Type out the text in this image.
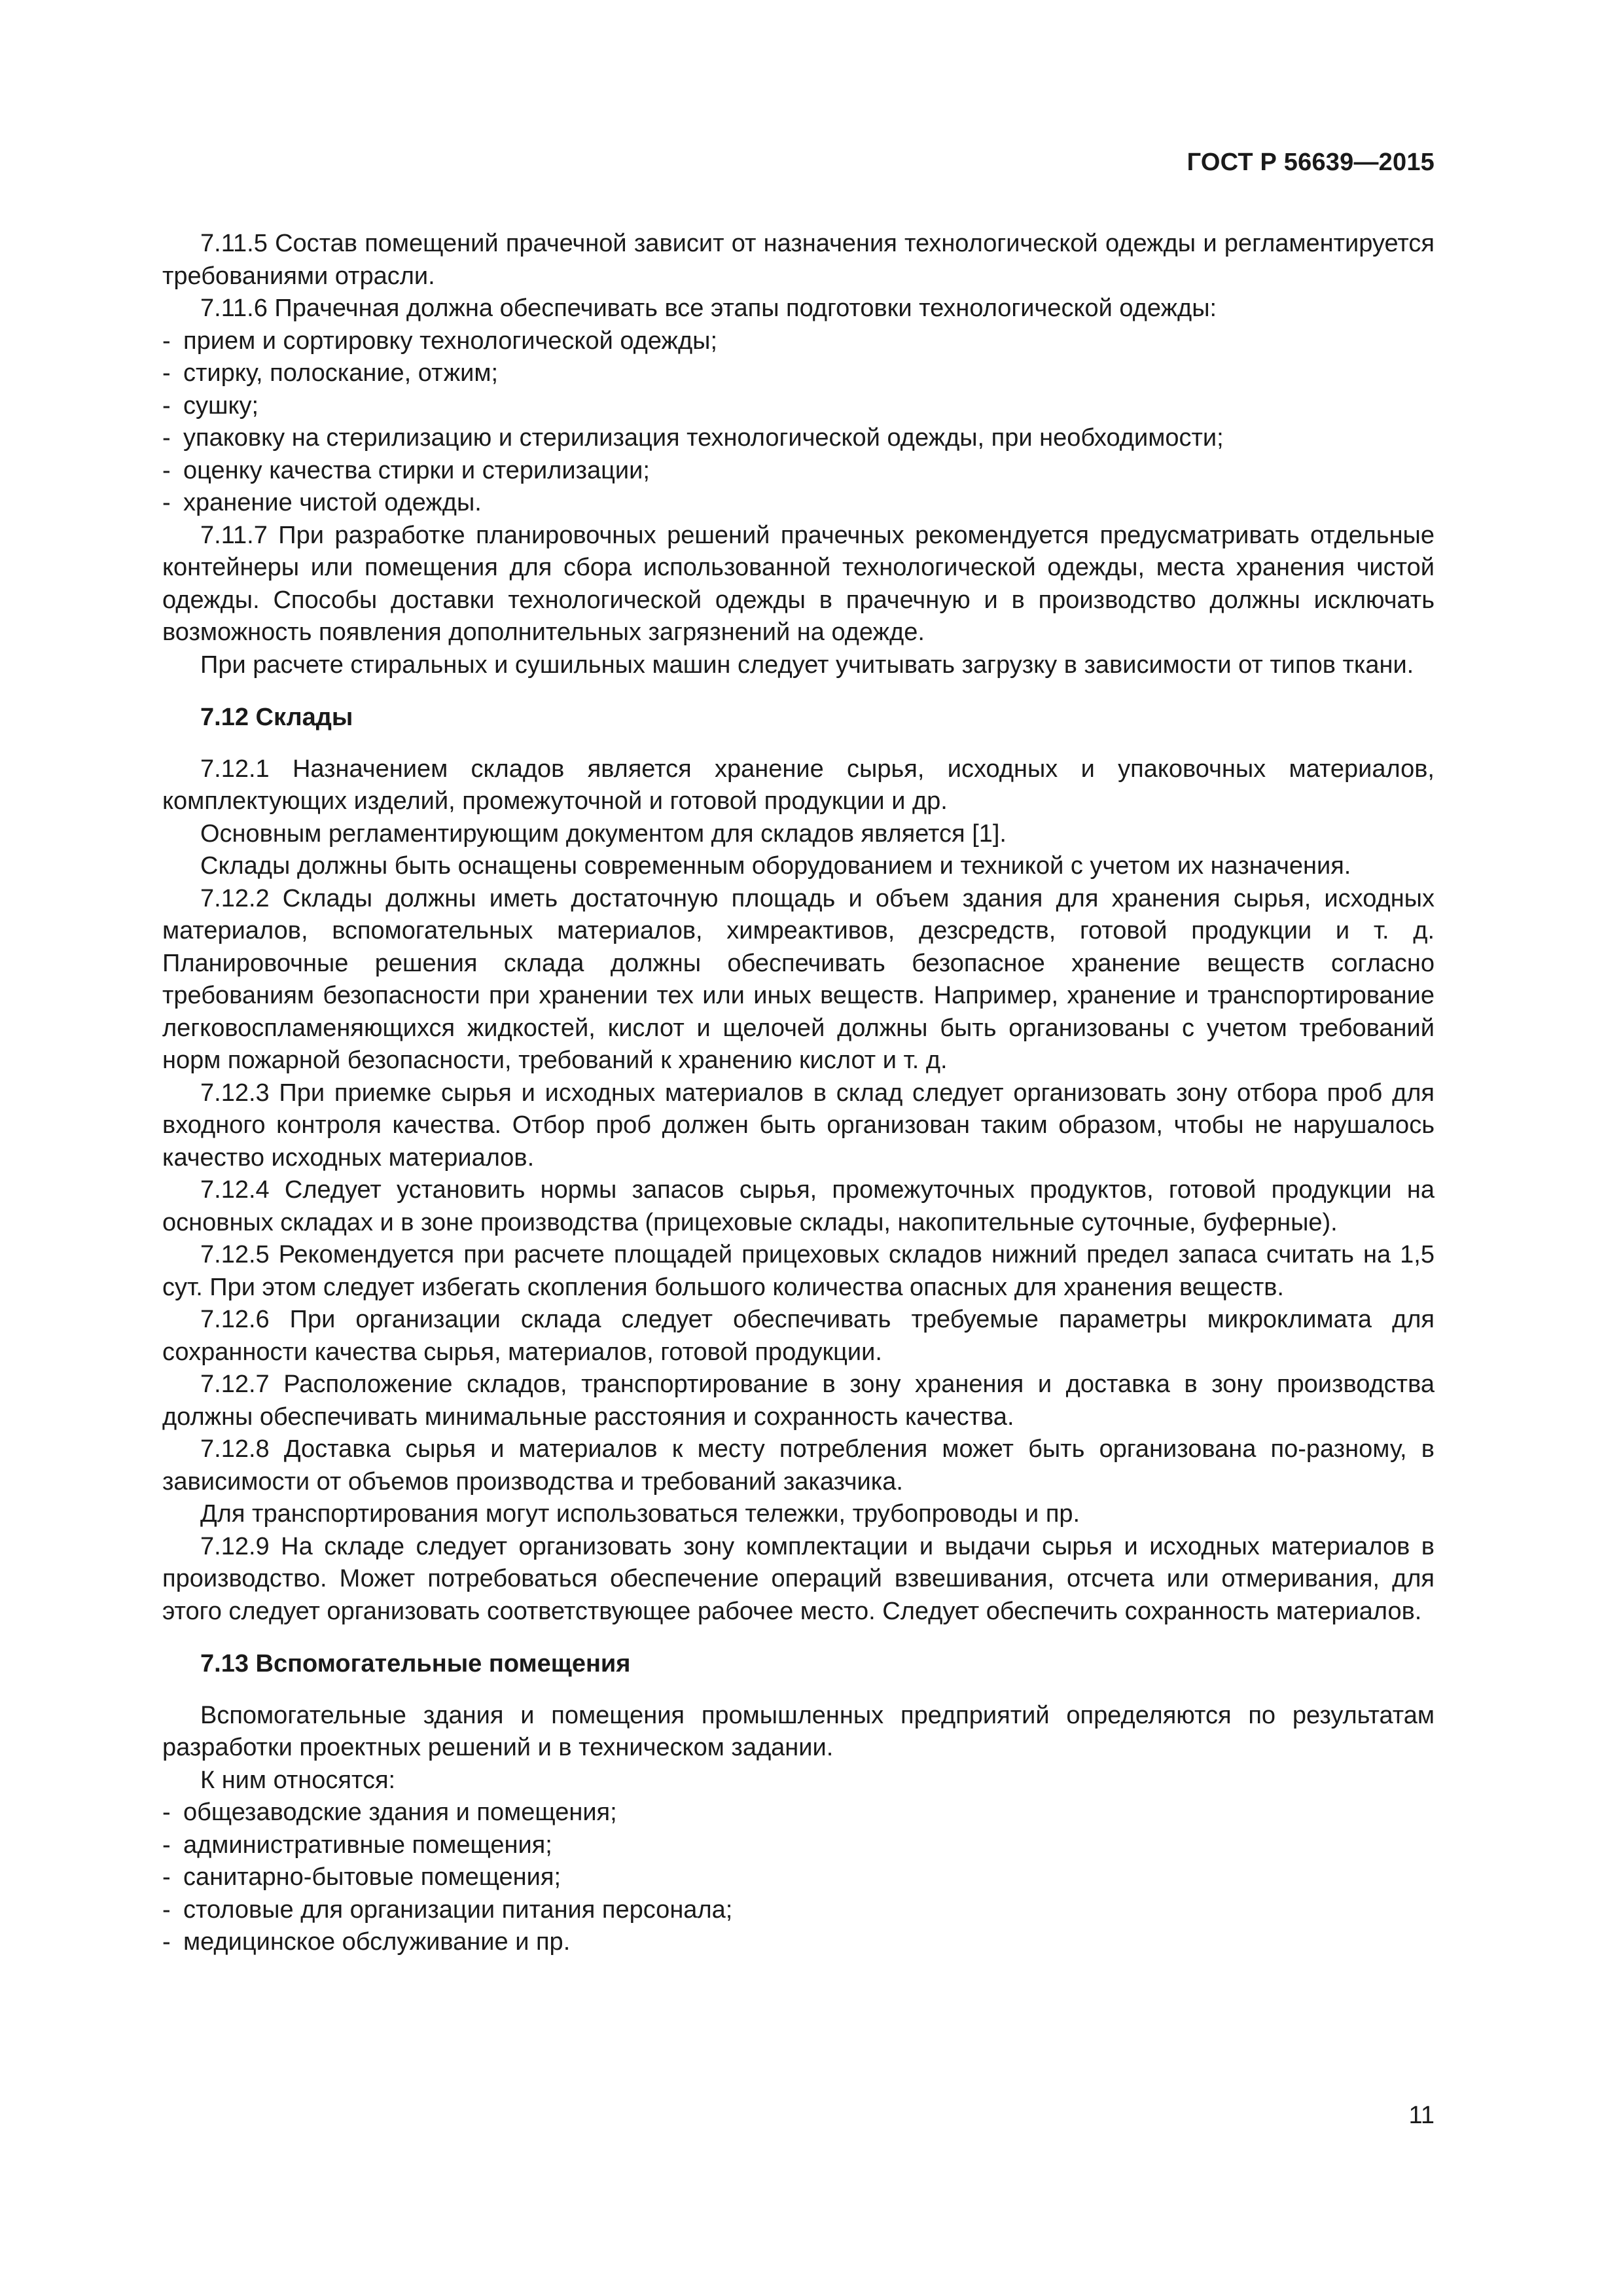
ГОСТ Р 56639—2015

7.11.5 Состав помещений прачечной зависит от назначения технологической одежды и регламентируется требованиями отрасли.

7.11.6 Прачечная должна обеспечивать все этапы подготовки технологической одежды:

- прием и сортировку технологической одежды;
- стирку, полоскание, отжим;
- сушку;
- упаковку на стерилизацию и стерилизация технологической одежды, при необходимости;
- оценку качества стирки и стерилизации;
- хранение чистой одежды.

7.11.7 При разработке планировочных решений прачечных рекомендуется предусматривать отдельные контейнеры или помещения для сбора использованной технологической одежды, места хранения чистой одежды. Способы доставки технологической одежды в прачечную и в производство должны исключать возможность появления дополнительных загрязнений на одежде.

При расчете стиральных и сушильных машин следует учитывать загрузку в зависимости от типов ткани.

7.12 Склады

7.12.1 Назначением складов является хранение сырья, исходных и упаковочных материалов, комплектующих изделий, промежуточной и готовой продукции и др.

Основным регламентирующим документом для складов является [1].

Склады должны быть оснащены современным оборудованием и техникой с учетом их назначения.

7.12.2 Склады должны иметь достаточную площадь и объем здания для хранения сырья, исходных материалов, вспомогательных материалов, химреактивов, дезсредств, готовой продукции и т. д. Планировочные решения склада должны обеспечивать безопасное хранение веществ согласно требованиям безопасности при хранении тех или иных веществ. Например, хранение и транспортирование легковоспламеняющихся жидкостей, кислот и щелочей должны быть организованы с учетом требований норм пожарной безопасности, требований к хранению кислот и т. д.

7.12.3 При приемке сырья и исходных материалов в склад следует организовать зону отбора проб для входного контроля качества. Отбор проб должен быть организован таким образом, чтобы не нарушалось качество исходных материалов.

7.12.4 Следует установить нормы запасов сырья, промежуточных продуктов, готовой продукции на основных складах и в зоне производства (прицеховые склады, накопительные суточные, буферные).

7.12.5 Рекомендуется при расчете площадей прицеховых складов нижний предел запаса считать на 1,5 сут. При этом следует избегать скопления большого количества опасных для хранения веществ.

7.12.6 При организации склада следует обеспечивать требуемые параметры микроклимата для сохранности качества сырья, материалов, готовой продукции.

7.12.7 Расположение складов, транспортирование в зону хранения и доставка в зону производства должны обеспечивать минимальные расстояния и сохранность качества.

7.12.8 Доставка сырья и материалов к месту потребления может быть организована по-разному, в зависимости от объемов производства и требований заказчика.

Для транспортирования могут использоваться тележки, трубопроводы и пр.

7.12.9 На складе следует организовать зону комплектации и выдачи сырья и исходных материалов в производство. Может потребоваться обеспечение операций взвешивания, отсчета или отмеривания, для этого следует организовать соответствующее рабочее место. Следует обеспечить сохранность материалов.

7.13 Вспомогательные помещения

Вспомогательные здания и помещения промышленных предприятий определяются по результатам разработки проектных решений и в техническом задании.

К ним относятся:

- общезаводские здания и помещения;
- административные помещения;
- санитарно-бытовые помещения;
- столовые для организации питания персонала;
- медицинское обслуживание и пр.
11
